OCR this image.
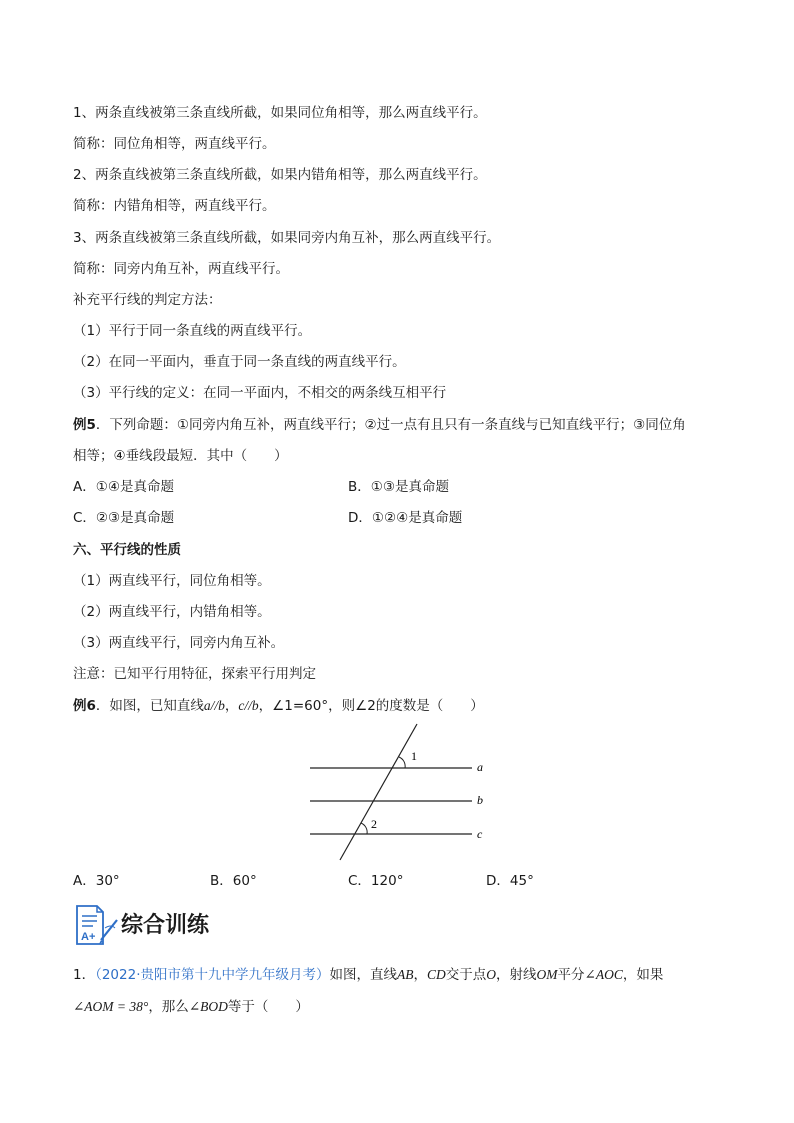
1、两条直线被第三条直线所截，如果同位角相等，那么两直线平行。
简称：同位角相等，两直线平行。
2、两条直线被第三条直线所截，如果内错角相等，那么两直线平行。
简称：内错角相等，两直线平行。
3、两条直线被第三条直线所截，如果同旁内角互补，那么两直线平行。
简称：同旁内角互补，两直线平行。
补充平行线的判定方法：
（1）平行于同一条直线的两直线平行。
（2）在同一平面内，垂直于同一条直线的两直线平行。
（3）平行线的定义：在同一平面内，不相交的两条线互相平行
例5．下列命题：①同旁内角互补，两直线平行；②过一点有且只有一条直线与已知直线平行；③同位角
相等；④垂线段最短．其中（　　）
A．①④是真命题	B．①③是真命题
C．②③是真命题	D．①②④是真命题
六、平行线的性质
（1）两直线平行，同位角相等。
（2）两直线平行，内错角相等。
（3）两直线平行，同旁内角互补。
注意：已知平行用特征，探索平行用判定
例6．如图，已知直线a//b，c//b，∠1=60°，则∠2的度数是（　　）
1
2
a
b
c
A．30°	B．60°	C．120°	D．45°
A+ 综合训练
1．（2022·贵阳市第十九中学九年级月考）如图，直线AB，CD交于点O，射线OM平分∠AOC，如果
∠AOM = 38°，那么∠BOD等于（　　）
